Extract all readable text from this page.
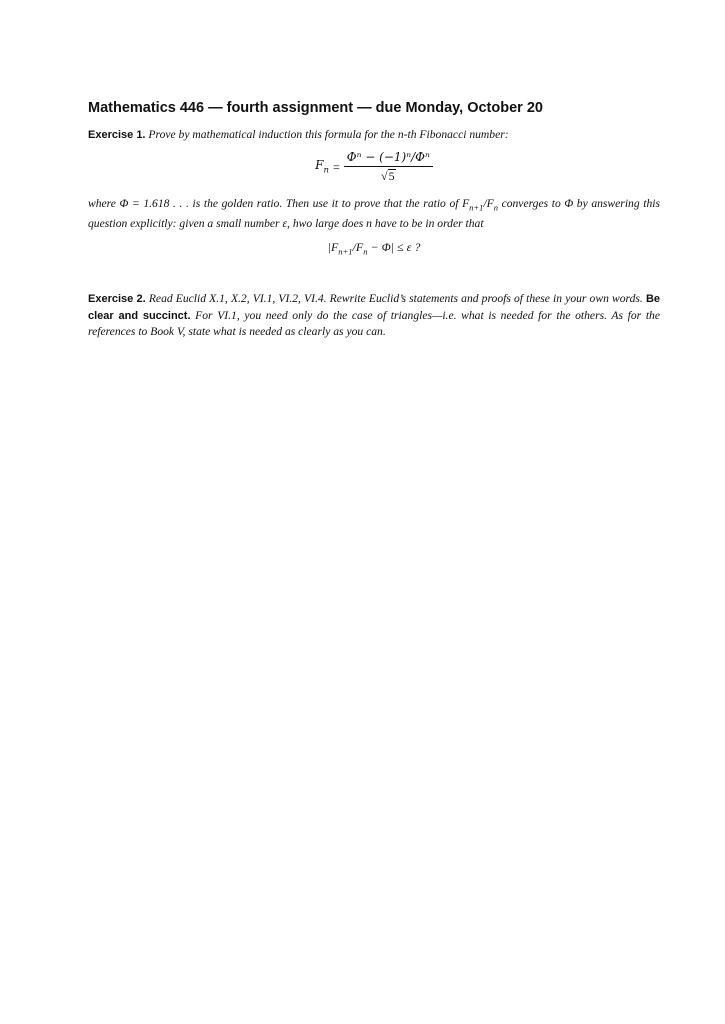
Mathematics 446 — fourth assignment — due Monday, October 20
Exercise 1. Prove by mathematical induction this formula for the n-th Fibonacci number:
$F_n = \frac{\text{Φⁿ − (−1)ⁿ/Φⁿ}}{√ 5}$
where Φ = 1.618 . . . is the golden ratio. Then use it to prove that the ratio of $F_{n+1}/F_n$ converges to Φ by answering this question explicitly: given a small number ε, hwo large does n have to be in order that
$|F_{n+1}/F_n - \Phi| \le \varepsilon$ ?
Exercise 2. Read Euclid X.1, X.2, VI.1, VI.2, VI.4. Rewrite Euclid’s statements and proofs of these in your own words. Be clear and succinct. For VI.1, you need only do the case of triangles—i.e. what is needed for the others. As for the references to Book V, state what is needed as clearly as you can.
